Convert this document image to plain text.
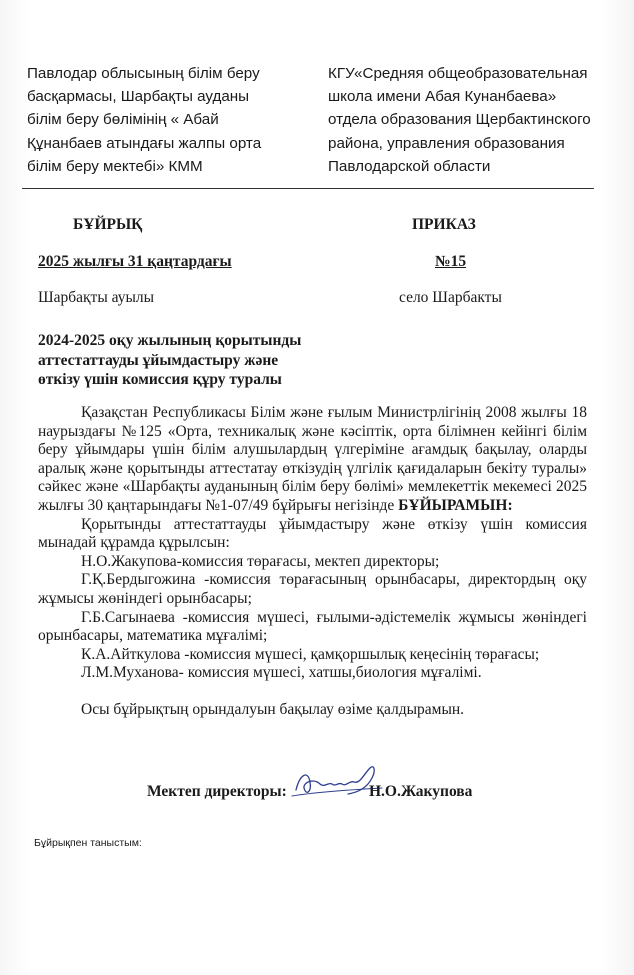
Павлодар облысының білім беру
басқармасы, Шарбақты ауданы
білім беру бөлімінің « Абай
Құнанбаев атындағы жалпы орта
білім беру мектебі» КММ
КГУ«Средняя общеобразовательная
школа имени Абая Кунанбаева»
отдела образования Щербактинского
района, управления образования
Павлодарской области
БҰЙРЫҚ	ПРИКАЗ
2025 жылғы 31 қаңтардағы	№15
Шарбақты ауылы	село Шарбакты
2024-2025 оқу жылының қорытынды
аттестаттауды ұйымдастыру және
өткізу үшін комиссия құру туралы

Қазақстан Республикасы Білім және ғылым Министрлігінің 2008 жылғы 18 наурыздағы №125 «Орта, техникалық және кәсіптік, орта білімнен кейінгі білім беру ұйымдары үшін білім алушылардың үлгеріміне ағамдық бақылау, оларды аралық және қорытынды аттестатау өткізудің үлгілік қағидаларын бекіту туралы» сәйкес және «Шарбақты ауданының білім беру бөлімі» мемлекеттік мекемесі 2025 жылғы 30 қаңтарындағы №1-07/49 бұйрығы негізінде БҰЙЫРАМЫН:

Қорытынды аттестаттауды ұйымдастыру және өткізу үшін комиссия мынадай құрамда құрылсын:

Н.О.Жакупова-комиссия төрағасы, мектеп директоры;

Г.Қ.Бердыгожина -комиссия төрағасының орынбасары, директордың оқу жұмысы жөніндегі орынбасары;

Г.Б.Сагынаева -комиссия мүшесі, ғылыми-әдістемелік жұмысы жөніндегі орынбасары, математика мұғалімі;

К.А.Айткулова -комиссия мүшесі, қамқоршылық кеңесінің төрағасы;

Л.М.Муханова- комиссия мүшесі, хатшы,биология мұғалімі.

Осы бұйрықтың орындалуын бақылау өзіме қалдырамын.

Мектеп директоры:	Н.О.Жакупова
Бұйрықпен таныстым:
